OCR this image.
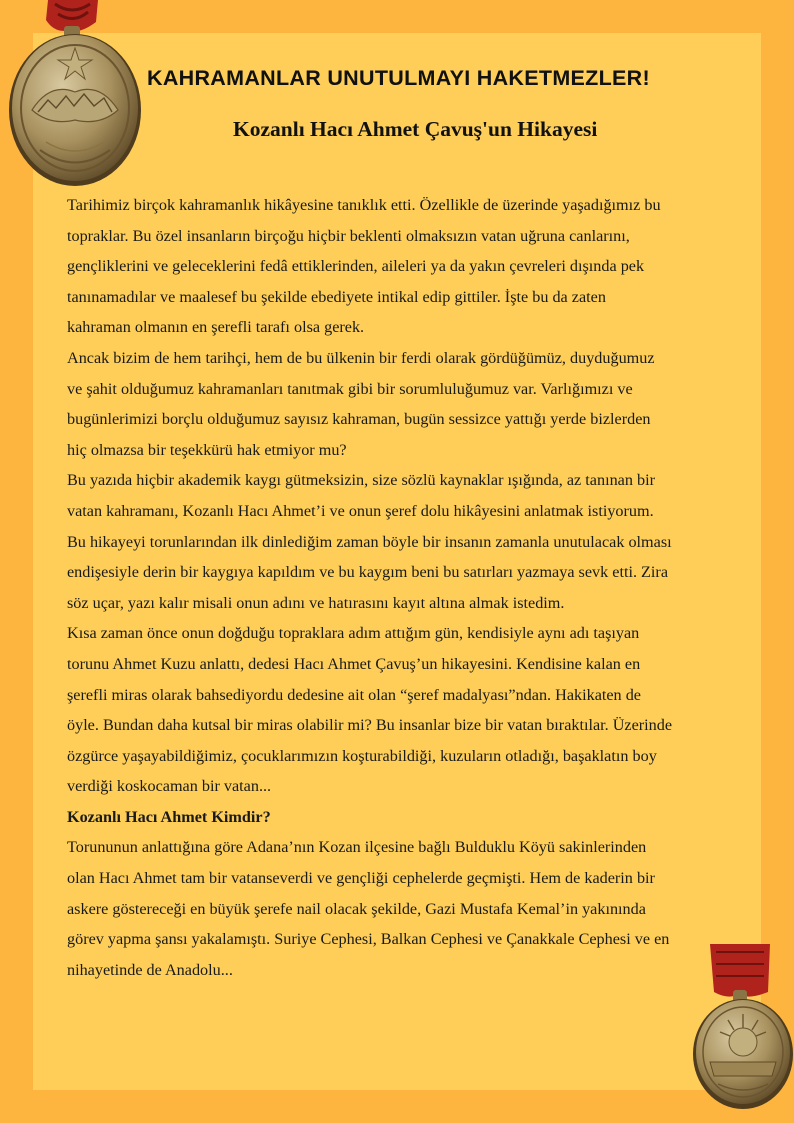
KAHRAMANLAR UNUTULMAYI HAKETMEZLER!
Kozanlı Hacı Ahmet Çavuş'un Hikayesi
Tarihimiz birçok kahramanlık hikâyesine tanıklık etti. Özellikle de üzerinde yaşadığımız bu
topraklar. Bu özel insanların birçoğu hiçbir beklenti olmaksızın vatan uğruna canlarını,
gençliklerini ve geleceklerini fedâ ettiklerinden, aileleri ya da yakın çevreleri dışında pek
tanınamadılar ve maalesef bu şekilde ebediyete intikal edip gittiler. İşte bu da zaten
kahraman olmanın en şerefli tarafı olsa gerek.
Ancak bizim de hem tarihçi, hem de bu ülkenin bir ferdi olarak gördüğümüz, duyduğumuz
ve şahit olduğumuz kahramanları tanıtmak gibi bir sorumluluğumuz var. Varlığımızı ve
bugünlerimizi borçlu olduğumuz sayısız kahraman, bugün sessizce yattığı yerde bizlerden
hiç olmazsa bir teşekkürü hak etmiyor mu?
Bu yazıda hiçbir akademik kaygı gütmeksizin, size sözlü kaynaklar ışığında, az tanınan bir
vatan kahramanı, Kozanlı Hacı Ahmet’i ve onun şeref dolu hikâyesini anlatmak istiyorum.
Bu hikayeyi torunlarından ilk dinlediğim zaman böyle bir insanın zamanla unutulacak olması
endişesiyle derin bir kaygıya kapıldım ve bu kaygım beni bu satırları yazmaya sevk etti. Zira
söz uçar, yazı kalır misali onun adını ve hatırasını kayıt altına almak istedim.
Kısa zaman önce onun doğduğu topraklara adım attığım gün, kendisiyle aynı adı taşıyan
torunu Ahmet Kuzu anlattı, dedesi Hacı Ahmet Çavuş’un hikayesini. Kendisine kalan en
şerefli miras olarak bahsediyordu dedesine ait olan “şeref madalyası”ndan. Hakikaten de
öyle. Bundan daha kutsal bir miras olabilir mi? Bu insanlar bize bir vatan bıraktılar. Üzerinde
özgürce yaşayabildiğimiz, çocuklarımızın koşturabildiği, kuzuların otladığı, başaklatın boy
verdiği koskocaman bir vatan...
Kozanlı Hacı Ahmet Kimdir?
Torununun anlattığına göre Adana’nın Kozan ilçesine bağlı Bulduklu Köyü sakinlerinden
olan Hacı Ahmet tam bir vatanseverdi ve gençliği cephelerde geçmişti. Hem de kaderin bir
askere göstereceği en büyük şerefe nail olacak şekilde, Gazi Mustafa Kemal’in yakınında
görev yapma şansı yakalamıştı. Suriye Cephesi, Balkan Cephesi ve Çanakkale Cephesi ve en
nihayetinde de Anadolu...
